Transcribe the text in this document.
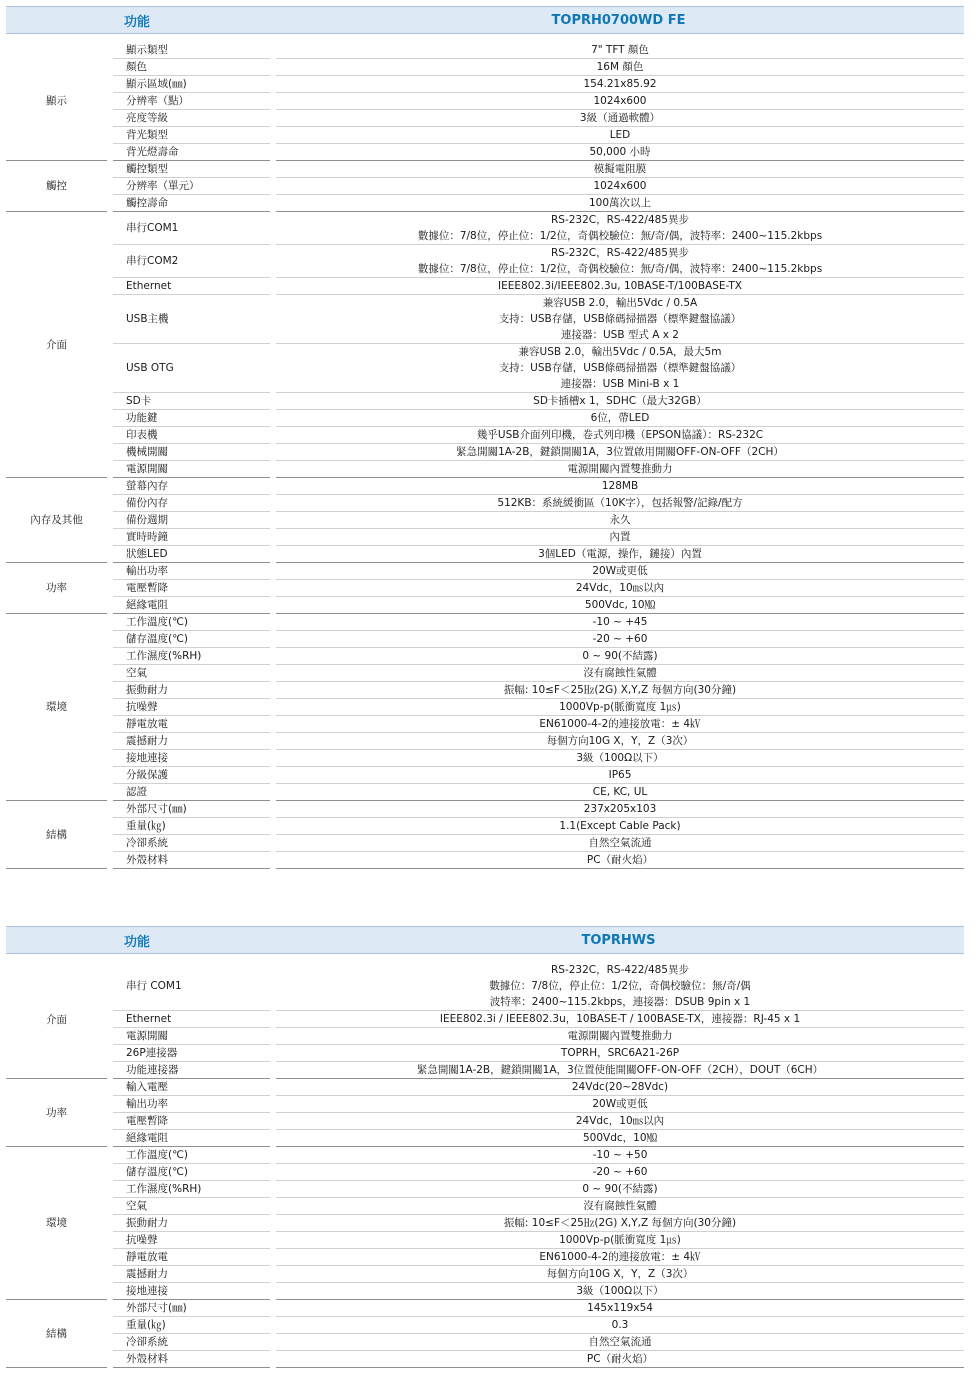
	功能	TOPRH0700WD FE

顯示	顯示類型	7" TFT 顏色

	顏色	16M 顏色

	顯示區域(㎜)	154.21x85.92

	分辨率（點）	1024x600

	亮度等級	3級（通過軟體）

	背光類型	LED

	背光燈壽命	50,000 小時

觸控	觸控類型	模擬電阻膜

	分辨率（單元）	1024x600

	觸控壽命	100萬次以上

介面	串行COM1	RS-232C，RS-422/485異步
數據位：7/8位，停止位：1/2位，奇偶校驗位：無/奇/偶，波特率：2400~115.2kbps

	串行COM2	RS-232C，RS-422/485異步
數據位：7/8位，停止位：1/2位，奇偶校驗位：無/奇/偶，波特率：2400~115.2kbps

	Ethernet	IEEE802.3i/IEEE802.3u, 10BASE-T/100BASE-TX

	USB主機	兼容USB 2.0，輸出5Vdc / 0.5A
支持：USB存儲，USB條碼掃描器（標準鍵盤協議）
連接器：USB 型式 A x 2

	USB OTG	兼容USB 2.0，輸出5Vdc / 0.5A，最大5m
支持：USB存儲，USB條碼掃描器（標準鍵盤協議）
連接器：USB Mini-B x 1

	SD卡	SD卡插槽x 1，SDHC（最大32GB）

	功能鍵	6位，帶LED

	印表機	幾乎USB介面列印機，卷式列印機（EPSON協議）：RS-232C

	機械開關	緊急開關1A-2B，鍵鎖開關1A，3位置啟用開關OFF-ON-OFF（2CH）

	電源開關	電源開關內置雙推動力

內存及其他	螢幕內存	128MB

	備份內存	512KB：系統緩衝區（10K字），包括報警/記錄/配方

	備份週期	永久

	實時時鐘	內置

	狀態LED	3個LED（電源，操作，鏈接）內置

功率	輸出功率	20W或更低

	電壓暫降	24Vdc，10㎳以內

	絕緣電阻	500Vdc, 10㏁

環境	工作溫度(℃)	-10 ~ +45

	儲存溫度(℃)	-20 ~ +60

	工作濕度(%RH)	0 ~ 90(不結露)

	空氣	沒有腐蝕性氣體

	振動耐力	振幅: 10≤F＜25㎐(2G) X,Y,Z 每個方向(30分鐘)

	抗噪聲	1000Vp-p(脈衝寬度 1㎲)

	靜電放電	EN61000-4-2的連接放電：± 4㎸

	震撼耐力	每個方向10G X，Y，Z（3次）

	接地連接	3級（100Ω以下）

	分級保護	IP65

	認證	CE, KC, UL

結構	外部尺寸(㎜)	237x205x103

	重量(㎏)	1.1(Except Cable Pack)

	冷卻系統	自然空氣流通

	外殼材料	PC（耐火焰）
	功能	TOPRHWS

介面	串行 COM1	RS-232C，RS-422/485異步
數據位：7/8位，停止位：1/2位，奇偶校驗位：無/奇/偶
波特率：2400~115.2kbps，連接器：DSUB 9pin x 1

	Ethernet	IEEE802.3i / IEEE802.3u，10BASE-T / 100BASE-TX，連接器：RJ-45 x 1

	電源開關	電源開關內置雙推動力

	26P連接器	TOPRH，SRC6A21-26P

	功能連接器	緊急開關1A-2B，鍵鎖開關1A，3位置使能開關OFF-ON-OFF（2CH），DOUT（6CH）

功率	輸入電壓	24Vdc(20~28Vdc)

	輸出功率	20W或更低

	電壓暫降	24Vdc，10㎳以內

	絕緣電阻	500Vdc，10㏁

環境	工作溫度(℃)	-10 ~ +50

	儲存溫度(℃)	-20 ~ +60

	工作濕度(%RH)	0 ~ 90(不結露)

	空氣	沒有腐蝕性氣體

	振動耐力	振幅: 10≤F＜25㎐(2G) X,Y,Z 每個方向(30分鐘)

	抗噪聲	1000Vp-p(脈衝寬度 1㎲)

	靜電放電	EN61000-4-2的連接放電：± 4㎸

	震撼耐力	每個方向10G X，Y，Z（3次）

	接地連接	3級（100Ω以下）

結構	外部尺寸(㎜)	145x119x54

	重量(㎏)	0.3

	冷卻系統	自然空氣流通

	外殼材料	PC（耐火焰）
